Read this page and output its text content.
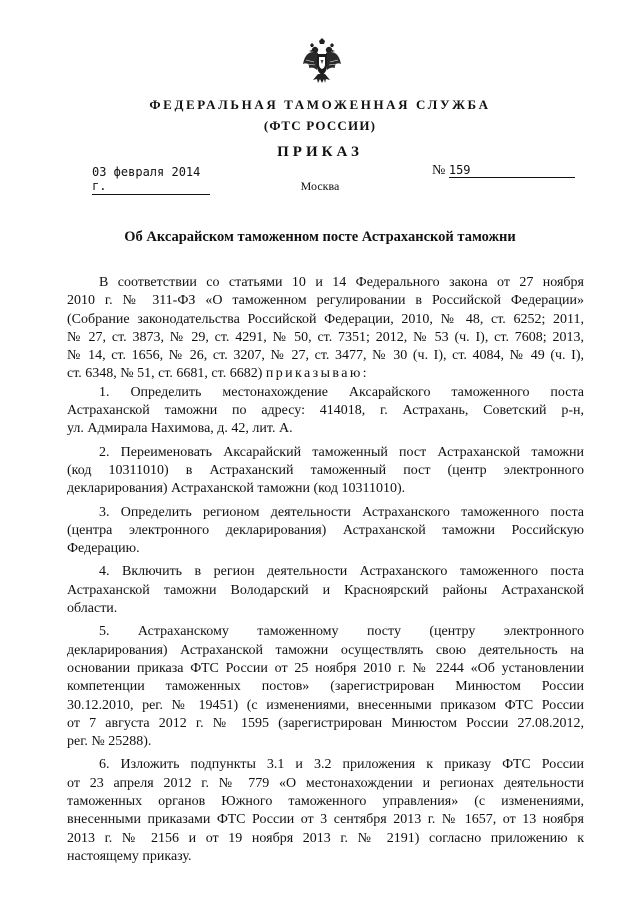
ФЕДЕРАЛЬНАЯ ТАМОЖЕННАЯ СЛУЖБА
(ФТС РОССИИ)
ПРИКАЗ
03 февраля 2014 г.
№ 159
Москва
Об Аксарайском таможенном посте Астраханской таможни
В соответствии со статьями 10 и 14 Федерального закона от 27 ноября
2010 г. № 311-ФЗ «О таможенном регулировании в Российской Федерации»
(Собрание законодательства Российской Федерации, 2010, № 48, ст. 6252; 2011,
№ 27, ст. 3873, № 29, ст. 4291, № 50, ст. 7351; 2012, № 53 (ч. I), ст. 7608; 2013,
№ 14, ст. 1656, № 26, ст. 3207, № 27, ст. 3477, № 30 (ч. I), ст. 4084, № 49 (ч. I),
ст. 6348, № 51, ст. 6681, ст. 6682) приказываю:
1. Определить местонахождение Аксарайского таможенного поста
Астраханской таможни по адресу: 414018, г. Астрахань, Советский р-н,
ул. Адмирала Нахимова, д. 42, лит. А.
2. Переименовать Аксарайский таможенный пост Астраханской таможни
(код 10311010) в Астраханский таможенный пост (центр электронного
декларирования) Астраханской таможни (код 10311010).
3. Определить регионом деятельности Астраханского таможенного поста
(центра электронного декларирования) Астраханской таможни Российскую
Федерацию.
4. Включить в регион деятельности Астраханского таможенного поста
Астраханской таможни Володарский и Красноярский районы Астраханской
области.
5. Астраханскому таможенному посту (центру электронного
декларирования) Астраханской таможни осуществлять свою деятельность на
основании приказа ФТС России от 25 ноября 2010 г. № 2244 «Об установлении
компетенции таможенных постов» (зарегистрирован Минюстом России
30.12.2010, рег. № 19451) (с изменениями, внесенными приказом ФТС России
от 7 августа 2012 г. № 1595 (зарегистрирован Минюстом России 27.08.2012,
рег. № 25288).
6. Изложить подпункты 3.1 и 3.2 приложения к приказу ФТС России
от 23 апреля 2012 г. № 779 «О местонахождении и регионах деятельности
таможенных органов Южного таможенного управления» (с изменениями,
внесенными приказами ФТС России от 3 сентября 2013 г. № 1657, от 13 ноября
2013 г. № 2156 и от 19 ноября 2013 г. № 2191) согласно приложению к
настоящему приказу.
